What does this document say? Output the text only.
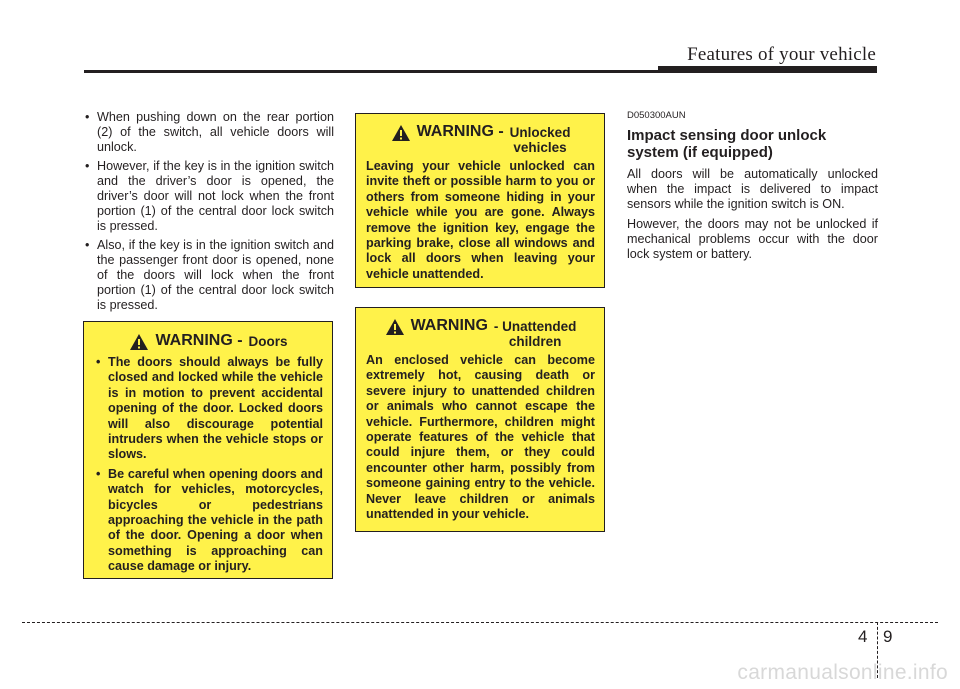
Features of your vehicle
• When pushing down on the rear portion (2) of the switch, all vehicle doors will unlock.
• However, if the key is in the ignition switch and the driver’s door is opened, the driver’s door will not lock when the front portion (1) of the central door lock switch is pressed.
• Also, if the key is in the ignition switch and the passenger front door is opened, none of the doors will lock when the front portion (1) of the central door lock switch is pressed.
WARNING - Doors
• The doors should always be fully closed and locked while the vehicle is in motion to prevent accidental opening of the door. Locked doors will also discourage potential intruders when the vehicle stops or slows.
• Be careful when opening doors and watch for vehicles, motorcycles, bicycles or pedestrians approaching the vehicle in the path of the door. Opening a door when something is approaching can cause damage or injury.
WARNING - Unlocked
vehicles
Leaving your vehicle unlocked can invite theft or possible harm to you or others from someone hiding in your vehicle while you are gone. Always remove the ignition key, engage the parking brake, close all windows and lock all doors when leaving your vehicle unattended.
WARNING - Unattended
children
An enclosed vehicle can become extremely hot, causing death or severe injury to unattended children or animals who cannot escape the vehicle. Furthermore, children might operate features of the vehicle that could injure them, or they could encounter other harm, possibly from someone gaining entry to the vehicle. Never leave children or animals unattended in your vehicle.
D050300AUN
Impact sensing door unlock system (if equipped)

All doors will be automatically unlocked when the impact is delivered to impact sensors while the ignition switch is ON.

However, the doors may not be unlocked if mechanical problems occur with the door lock system or battery.

4 9
carmanualsonline.info
